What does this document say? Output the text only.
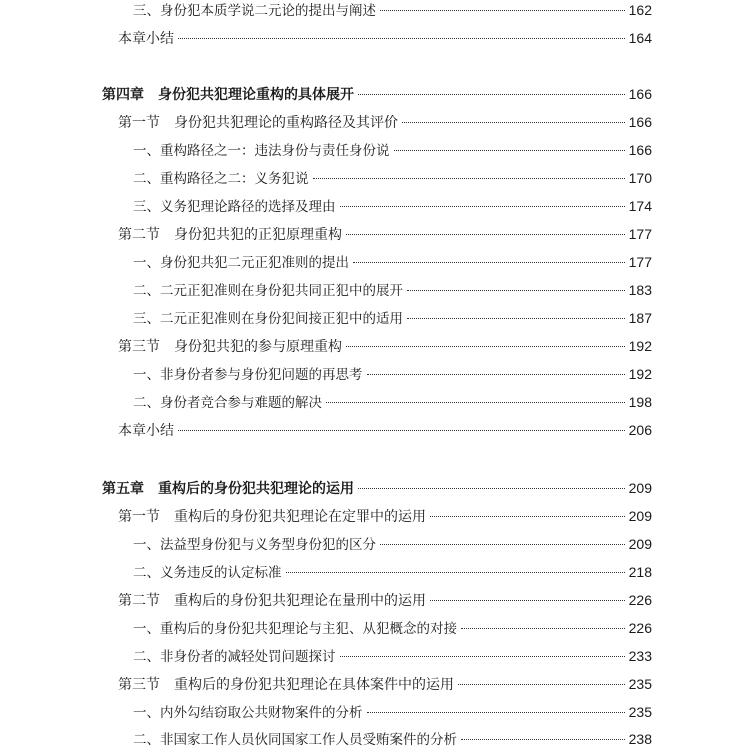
三、身份犯本质学说二元论的提出与阐述	162
本章小结	164
第四章　身份犯共犯理论重构的具体展开	166
第一节　身份犯共犯理论的重构路径及其评价	166
一、重构路径之一：违法身份与责任身份说	166
二、重构路径之二：义务犯说	170
三、义务犯理论路径的选择及理由	174
第二节　身份犯共犯的正犯原理重构	177
一、身份犯共犯二元正犯准则的提出	177
二、二元正犯准则在身份犯共同正犯中的展开	183
三、二元正犯准则在身份犯间接正犯中的适用	187
第三节　身份犯共犯的参与原理重构	192
一、非身份者参与身份犯问题的再思考	192
二、身份者竞合参与难题的解决	198
本章小结	206
第五章　重构后的身份犯共犯理论的运用	209
第一节　重构后的身份犯共犯理论在定罪中的运用	209
一、法益型身份犯与义务型身份犯的区分	209
二、义务违反的认定标准	218
第二节　重构后的身份犯共犯理论在量刑中的运用	226
一、重构后的身份犯共犯理论与主犯、从犯概念的对接	226
二、非身份者的减轻处罚问题探讨	233
第三节　重构后的身份犯共犯理论在具体案件中的运用	235
一、内外勾结窃取公共财物案件的分析	235
二、非国家工作人员伙同国家工作人员受贿案件的分析	238
